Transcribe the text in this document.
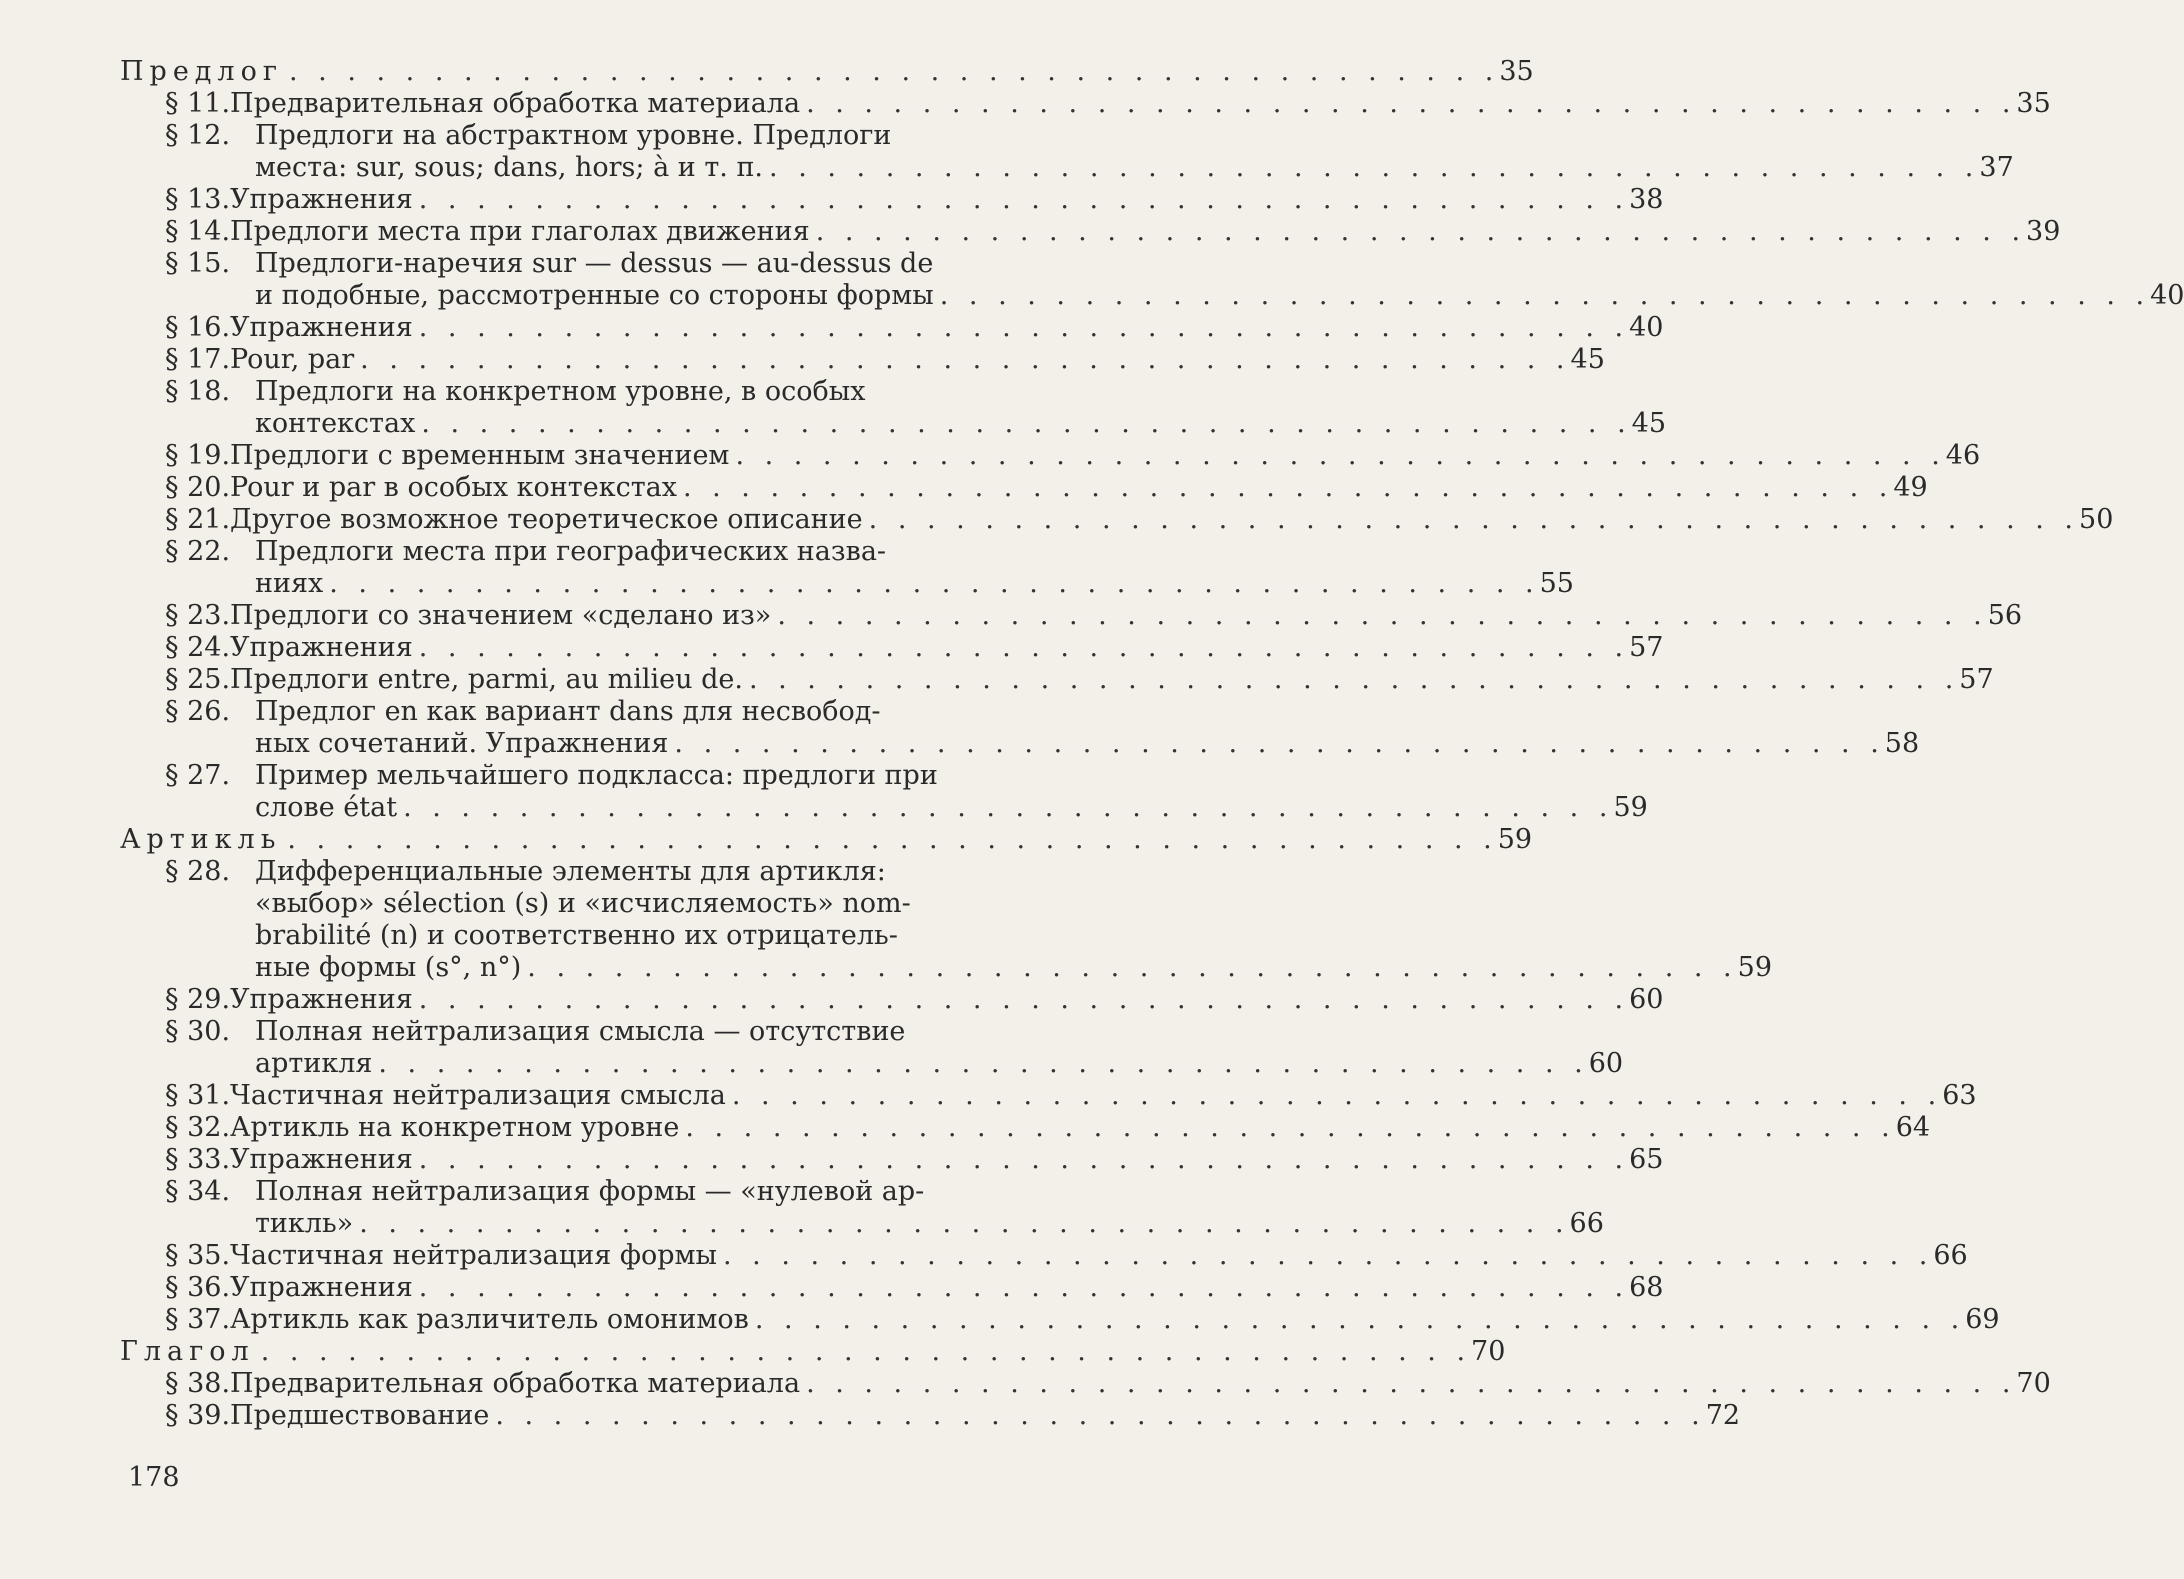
Предлог . . . . . . . . . . . . . . . . . . . . . . . . . . . . . . . . . . . . . . . . . . 35
§ 11. Предварительная обработка материала . . . . . . . . . . . . . . . . . . . . . . . . . . . . . . . . . . . . . . . . . . 35
§ 12. Предлоги на абстрактном уровне. Предлоги
места: sur, sous; dans, hors; à и т. п. . . . . . . . . . . . . . . . . . . . . . . . . . . . . . . . . . . . . . . . . . . 37
§ 13. Упражнения . . . . . . . . . . . . . . . . . . . . . . . . . . . . . . . . . . . . . . . . . . 38
§ 14. Предлоги места при глаголах движения . . . . . . . . . . . . . . . . . . . . . . . . . . . . . . . . . . . . . . . . . . 39
§ 15. Предлоги-наречия sur — dessus — au-dessus de
и подобные, рассмотренные со стороны формы . . . . . . . . . . . . . . . . . . . . . . . . . . . . . . . . . . . . . . . . . . 40
§ 16. Упражнения . . . . . . . . . . . . . . . . . . . . . . . . . . . . . . . . . . . . . . . . . . 40
§ 17. Pour, par . . . . . . . . . . . . . . . . . . . . . . . . . . . . . . . . . . . . . . . . . . 45
§ 18. Предлоги на конкретном уровне, в особых
контекстах . . . . . . . . . . . . . . . . . . . . . . . . . . . . . . . . . . . . . . . . . . 45
§ 19. Предлоги с временным значением . . . . . . . . . . . . . . . . . . . . . . . . . . . . . . . . . . . . . . . . . . 46
§ 20. Pour и par в особых контекстах . . . . . . . . . . . . . . . . . . . . . . . . . . . . . . . . . . . . . . . . . . 49
§ 21. Другое возможное теоретическое описание . . . . . . . . . . . . . . . . . . . . . . . . . . . . . . . . . . . . . . . . . . 50
§ 22. Предлоги места при географических назва-
ниях . . . . . . . . . . . . . . . . . . . . . . . . . . . . . . . . . . . . . . . . . . 55
§ 23. Предлоги со значением «сделано из» . . . . . . . . . . . . . . . . . . . . . . . . . . . . . . . . . . . . . . . . . . 56
§ 24. Упражнения . . . . . . . . . . . . . . . . . . . . . . . . . . . . . . . . . . . . . . . . . . 57
§ 25. Предлоги entre, parmi, au milieu de. . . . . . . . . . . . . . . . . . . . . . . . . . . . . . . . . . . . . . . . . . . 57
§ 26. Предлог en как вариант dans для несвобод-
ных сочетаний. Упражнения . . . . . . . . . . . . . . . . . . . . . . . . . . . . . . . . . . . . . . . . . . 58
§ 27. Пример мельчайшего подкласса: предлоги при
слове état . . . . . . . . . . . . . . . . . . . . . . . . . . . . . . . . . . . . . . . . . . 59
Артикль . . . . . . . . . . . . . . . . . . . . . . . . . . . . . . . . . . . . . . . . . . 59
§ 28. Дифференциальные элементы для артикля:
«выбор» sélection (s) и «исчисляемость» nom-
brabilité (n) и соответственно их отрицатель-
ные формы (s°, n°) . . . . . . . . . . . . . . . . . . . . . . . . . . . . . . . . . . . . . . . . . . 59
§ 29. Упражнения . . . . . . . . . . . . . . . . . . . . . . . . . . . . . . . . . . . . . . . . . . 60
§ 30. Полная нейтрализация смысла — отсутствие
артикля . . . . . . . . . . . . . . . . . . . . . . . . . . . . . . . . . . . . . . . . . . 60
§ 31. Частичная нейтрализация смысла . . . . . . . . . . . . . . . . . . . . . . . . . . . . . . . . . . . . . . . . . . 63
§ 32. Артикль на конкретном уровне . . . . . . . . . . . . . . . . . . . . . . . . . . . . . . . . . . . . . . . . . . 64
§ 33. Упражнения . . . . . . . . . . . . . . . . . . . . . . . . . . . . . . . . . . . . . . . . . . 65
§ 34. Полная нейтрализация формы — «нулевой ар-
тикль» . . . . . . . . . . . . . . . . . . . . . . . . . . . . . . . . . . . . . . . . . . 66
§ 35. Частичная нейтрализация формы . . . . . . . . . . . . . . . . . . . . . . . . . . . . . . . . . . . . . . . . . . 66
§ 36. Упражнения . . . . . . . . . . . . . . . . . . . . . . . . . . . . . . . . . . . . . . . . . . 68
§ 37. Артикль как различитель омонимов . . . . . . . . . . . . . . . . . . . . . . . . . . . . . . . . . . . . . . . . . . 69
Глагол . . . . . . . . . . . . . . . . . . . . . . . . . . . . . . . . . . . . . . . . . . 70
§ 38. Предварительная обработка материала . . . . . . . . . . . . . . . . . . . . . . . . . . . . . . . . . . . . . . . . . . 70
§ 39. Предшествование . . . . . . . . . . . . . . . . . . . . . . . . . . . . . . . . . . . . . . . . . . 72
178
